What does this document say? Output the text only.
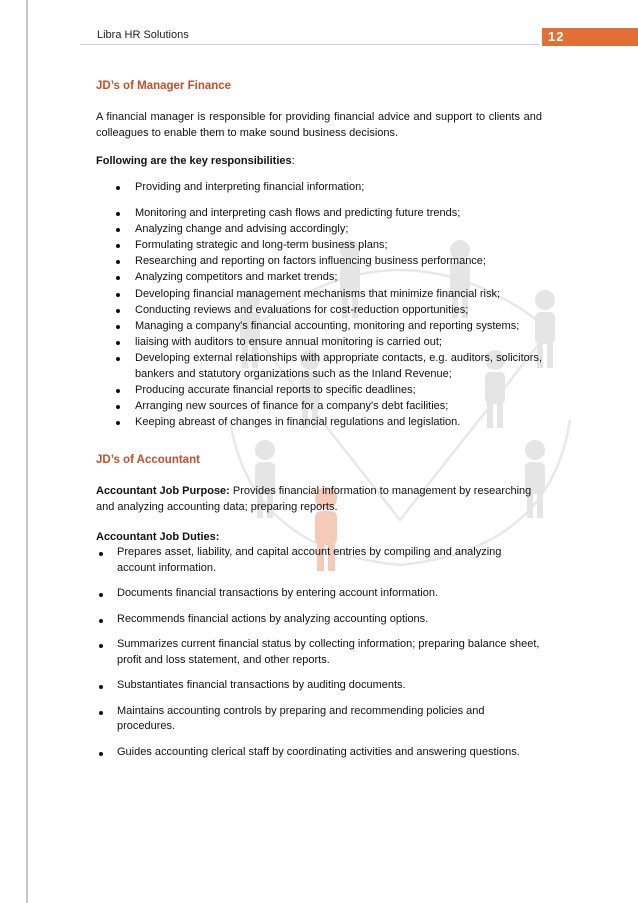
Libra HR Solutions	12
JD’s of Manager Finance

A financial manager is responsible for providing financial advice and support to clients and colleagues to enable them to make sound business decisions.

Following are the key responsibilities:

Providing and interpreting financial information;
Monitoring and interpreting cash flows and predicting future trends;
Analyzing change and advising accordingly;
Formulating strategic and long-term business plans;
Researching and reporting on factors influencing business performance;
Analyzing competitors and market trends;
Developing financial management mechanisms that minimize financial risk;
Conducting reviews and evaluations for cost-reduction opportunities;
Managing a company's financial accounting, monitoring and reporting systems;
liaising with auditors to ensure annual monitoring is carried out;
Developing external relationships with appropriate contacts, e.g. auditors, solicitors, bankers and statutory organizations such as the Inland Revenue;
Producing accurate financial reports to specific deadlines;
Arranging new sources of finance for a company's debt facilities;
Keeping abreast of changes in financial regulations and legislation.
JD’s of Accountant

Accountant Job Purpose: Provides financial information to management by researching and analyzing accounting data; preparing reports.

Accountant Job Duties:
Prepares asset, liability, and capital account entries by compiling and analyzing account information.
Documents financial transactions by entering account information.
Recommends financial actions by analyzing accounting options.
Summarizes current financial status by collecting information; preparing balance sheet, profit and loss statement, and other reports.
Substantiates financial transactions by auditing documents.
Maintains accounting controls by preparing and recommending policies and procedures.
Guides accounting clerical staff by coordinating activities and answering questions.
